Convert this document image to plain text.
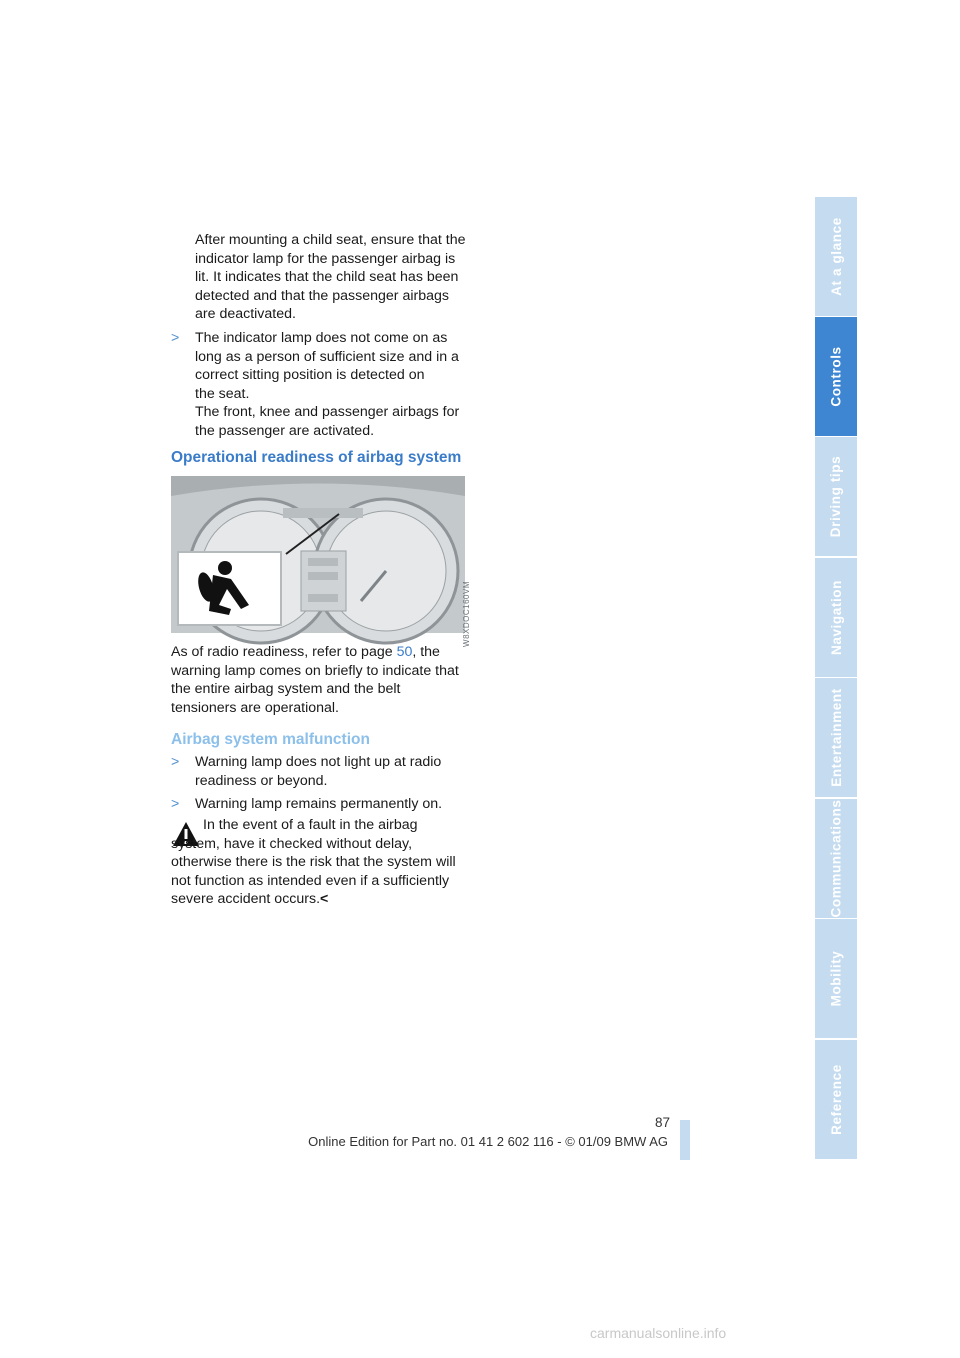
After mounting a child seat, ensure that the indicator lamp for the passenger airbag is lit. It indicates that the child seat has been detected and that the passenger airbags are deactivated.

> The indicator lamp does not come on as long as a person of sufficient size and in a correct sitting position is detected on
the seat.
The front, knee and passenger airbags for the passenger are activated.
Operational readiness of airbag system
W8XDOC160VM

As of radio readiness, refer to page 50, the warning lamp comes on briefly to indicate that the entire airbag system and the belt tensioners are operational.

Airbag system malfunction
> Warning lamp does not light up at radio readiness or beyond.
> Warning lamp remains permanently on.

In the event of a fault in the airbag system, have it checked without delay, otherwise there is the risk that the system will not function as intended even if a sufficiently severe accident occurs.<

At a glance
Controls
Driving tips
Navigation
Entertainment
Communications
Mobility
Reference
87
Online Edition for Part no. 01 41 2 602 116 - © 01/09 BMW AG
carmanualsonline.info
